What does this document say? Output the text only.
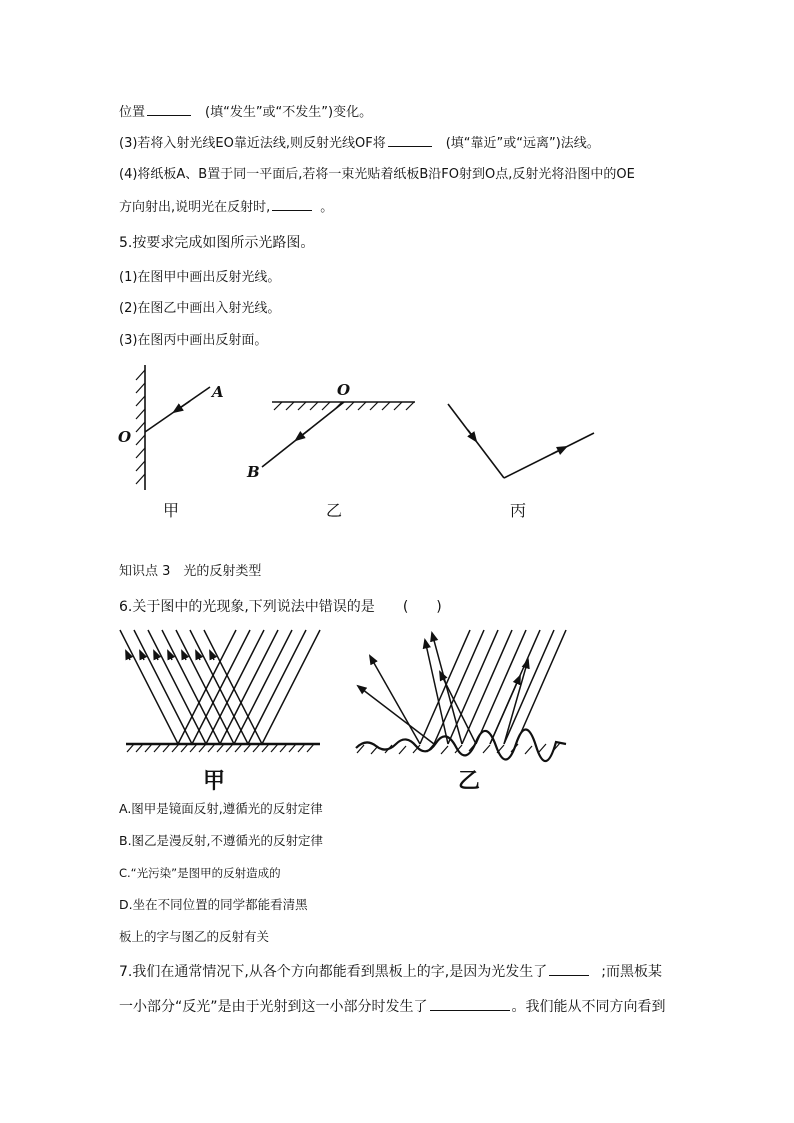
位置	(填“发生”或“不发生”)变化。
(3)若将入射光线EO靠近法线,则反射光线OF将	(填“靠近”或“远离”)法线。
(4)将纸板A、B置于同一平面后,若将一束光贴着纸板B沿FO射到O点,反射光将沿图中的OE
方向射出,说明光在反射时,	。
5.按要求完成如图所示光路图。
(1)在图甲中画出反射光线。
(2)在图乙中画出入射光线。
(3)在图丙中画出反射面。
A
O
O
B
甲	乙	丙
知识点 3　光的反射类型
6.关于图中的光现象,下列说法中错误的是 (　　)
甲	乙
A.图甲是镜面反射,遵循光的反射定律
B.图乙是漫反射,不遵循光的反射定律
C.“光污染”是图甲的反射造成的
D.坐在不同位置的同学都能看清黑
板上的字与图乙的反射有关
7.我们在通常情况下,从各个方向都能看到黑板上的字,是因为光发生了	;而黑板某
一小部分“反光”是由于光射到这一小部分时发生了	。我们能从不同方向看到
